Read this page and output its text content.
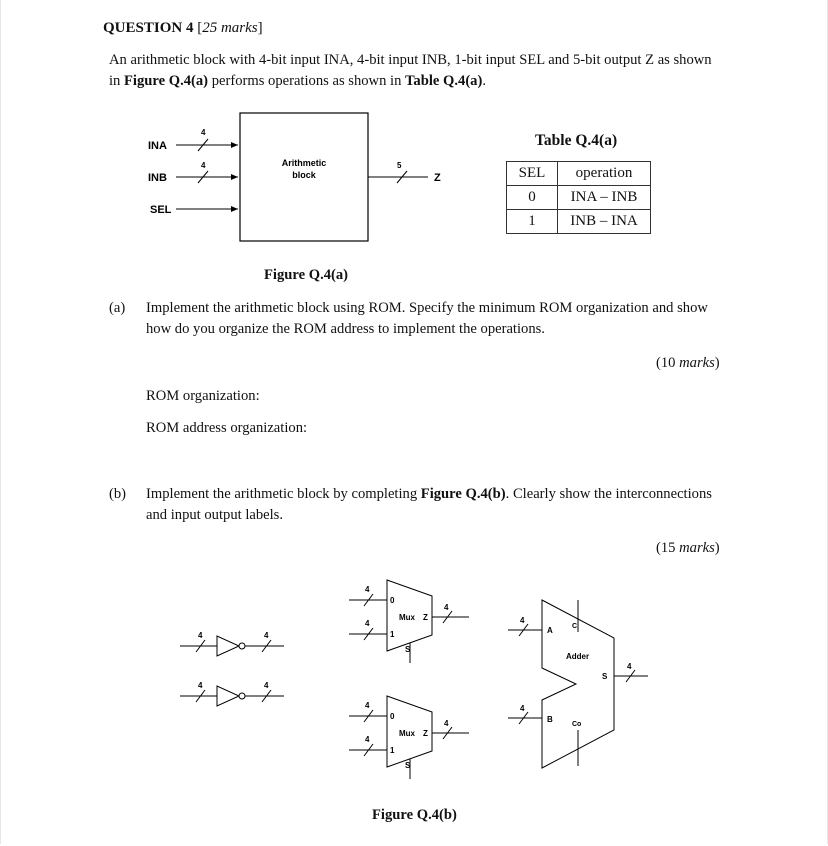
QUESTION 4 [25 marks]
An arithmetic block with 4-bit input INA, 4-bit input INB, 1-bit input SEL and 5-bit output Z as shown
in Figure Q.4(a) performs operations as shown in Table Q.4(a).
Arithmetic
block
INA
4
INB
4
SEL
5
Z
Table Q.4(a)
SEL	operation
0	INA – INB
1	INB – INA
Figure Q.4(a)
(a) Implement the arithmetic block using ROM. Specify the minimum ROM organization and show
how do you organize the ROM address to implement the operations.
(10 marks)
ROM organization:
ROM address organization:
(b) Implement the arithmetic block by completing Figure Q.4(b). Clearly show the interconnections
and input output labels.
(15 marks)
4	4
4	4
4
4
4
0
1
Mux Z
S
4
4
4
0
1
Mux Z
S
4
4
4
A
B
Ci
Co
Adder
S
Figure Q.4(b)
